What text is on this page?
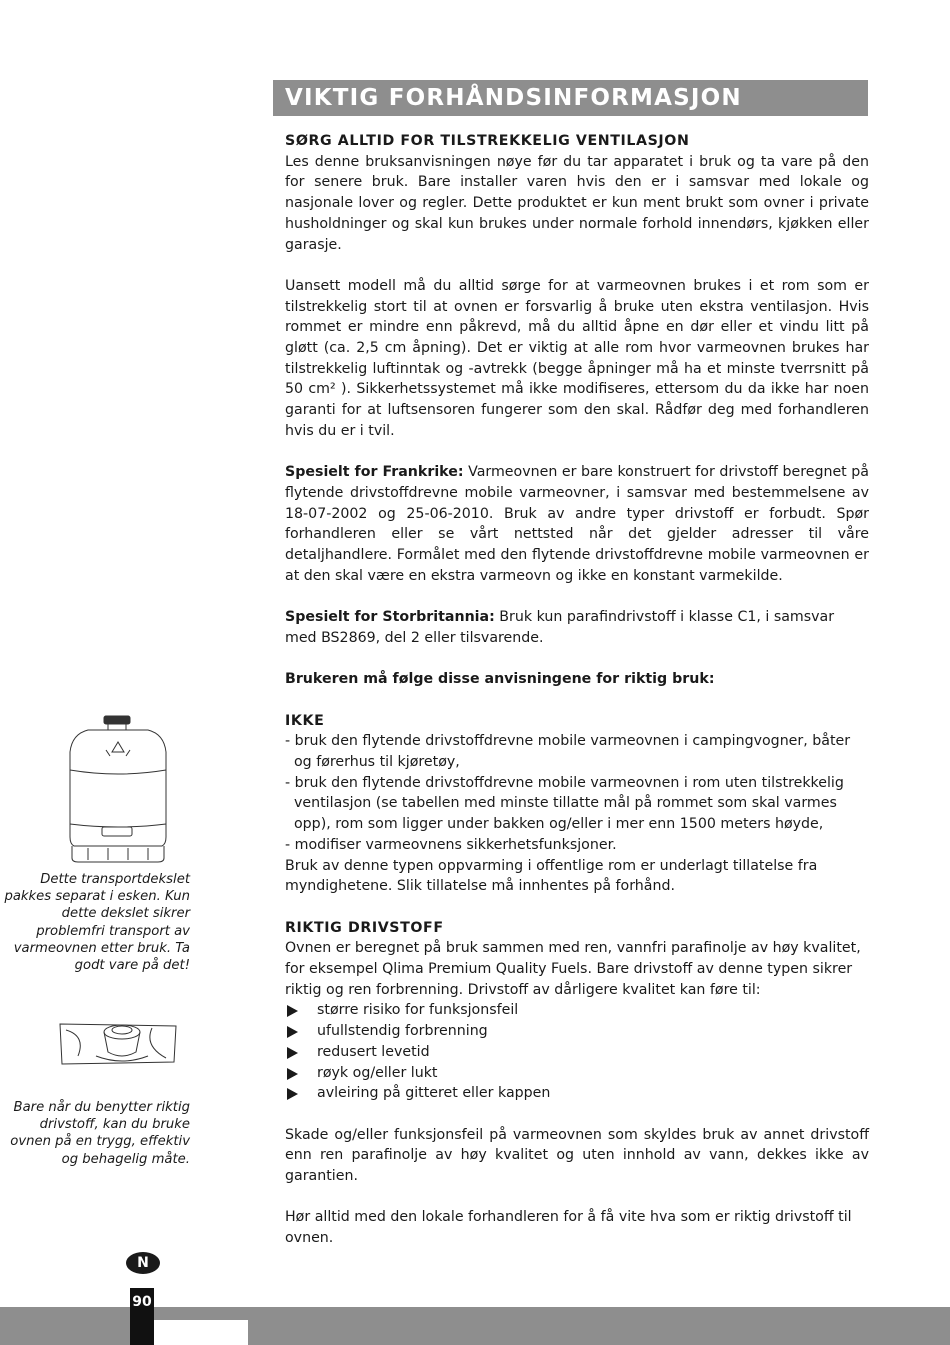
VIKTIG FORHÅNDSINFORMASJON

SØRG ALLTID FOR TILSTREKKELIG VENTILASJON

Les denne bruksanvisningen nøye før du tar apparatet i bruk og ta vare på den for senere bruk. Bare installer varen hvis den er i samsvar med lokale og nasjonale lover og regler. Dette produktet er kun ment brukt som ovner i private husholdninger og skal kun brukes under normale forhold innendørs, kjøkken eller garasje.

Uansett modell må du alltid sørge for at varmeovnen brukes i et rom som er tilstrekkelig stort til at ovnen er forsvarlig å bruke uten ekstra ventilasjon. Hvis rommet er mindre enn påkrevd, må du alltid åpne en dør eller et vindu litt på gløtt (ca. 2,5 cm åpning). Det er viktig at alle rom hvor varmeovnen brukes har tilstrekkelig luftinntak og -avtrekk (begge åpninger må ha et minste tverrsnitt på 50 cm² ). Sikkerhetssystemet må ikke modifiseres, ettersom du da ikke har noen garanti for at luftsensoren fungerer som den skal. Rådfør deg med forhandleren hvis du er i tvil.

Spesielt for Frankrike: Varmeovnen er bare konstruert for drivstoff beregnet på flytende drivstoffdrevne mobile varmeovner, i samsvar med bestemmelsene av 18-07-2002 og 25-06-2010. Bruk av andre typer drivstoff er forbudt. Spør forhandleren eller se vårt nettsted når det gjelder adresser til våre detaljhandlere. Formålet med den flytende drivstoffdrevne mobile varmeovnen er at den skal være en ekstra varmeovn og ikke en konstant varmekilde.

Spesielt for Storbritannia: Bruk kun parafindrivstoff i klasse C1, i samsvar med BS2869, del 2 eller tilsvarende.

Brukeren må følge disse anvisningene for riktig bruk:

IKKE

- bruk den flytende drivstoffdrevne mobile varmeovnen i campingvogner, båter og førerhus til kjøretøy,

- bruk den flytende drivstoffdrevne mobile varmeovnen i rom uten tilstrekkelig ventilasjon (se tabellen med minste tillatte mål på rommet som skal varmes opp), rom som ligger under bakken og/eller i mer enn 1500 meters høyde,

- modifiser varmeovnens sikkerhetsfunksjoner.

Bruk av denne typen oppvarming i offentlige rom er underlagt tillatelse fra myndighetene. Slik tillatelse må innhentes på forhånd.

RIKTIG DRIVSTOFF

Ovnen er beregnet på bruk sammen med ren, vannfri parafinolje av høy kvalitet, for eksempel Qlima Premium Quality Fuels. Bare drivstoff av denne typen sikrer riktig og ren forbrenning. Drivstoff av dårligere kvalitet kan føre til:

større risiko for funksjonsfeil
ufullstendig forbrenning
redusert levetid
røyk og/eller lukt
avleiring på gitteret eller kappen

Skade og/eller funksjonsfeil på varmeovnen som skyldes bruk av annet drivstoff enn ren parafinolje av høy kvalitet og uten innhold av vann, dekkes ikke av garantien.

Hør alltid med den lokale forhandleren for å få vite hva som er riktig drivstoff til ovnen.

Dette transportdekslet pakkes separat i esken. Kun dette dekslet sikrer problemfri transport av varmeovnen etter bruk. Ta godt vare på det!
Bare når du benytter riktig drivstoff, kan du bruke ovnen på en trygg, effektiv og behagelig måte.
N
90
